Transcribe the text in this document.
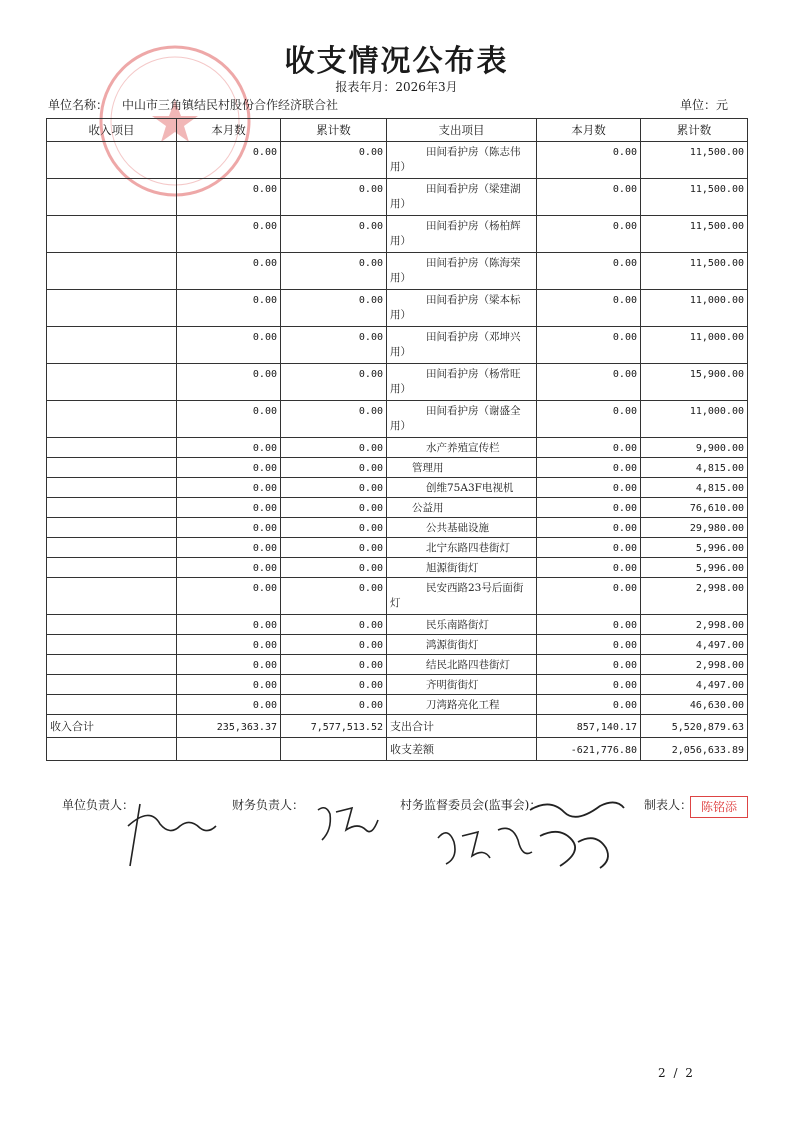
收支情况公布表
报表年月：2026年3月
单位名称： 中山市三角镇结民村股份合作经济联合社	单位：元
收入项目	本月数	累计数	支出项目	本月数	累计数
	0.00	0.00	田间看护房（陈志伟用）	0.00	11,500.00
	0.00	0.00	田间看护房（梁建湖用）	0.00	11,500.00
	0.00	0.00	田间看护房（杨柏辉用）	0.00	11,500.00
	0.00	0.00	田间看护房（陈海荣用）	0.00	11,500.00
	0.00	0.00	田间看护房（梁本标用）	0.00	11,000.00
	0.00	0.00	田间看护房（邓坤兴用）	0.00	11,000.00
	0.00	0.00	田间看护房（杨常旺用）	0.00	15,900.00
	0.00	0.00	田间看护房（谢盛全用）	0.00	11,000.00
	0.00	0.00	水产养殖宣传栏	0.00	9,900.00
	0.00	0.00	管理用	0.00	4,815.00
	0.00	0.00	创维75A3F电视机	0.00	4,815.00
	0.00	0.00	公益用	0.00	76,610.00
	0.00	0.00	公共基础设施	0.00	29,980.00
	0.00	0.00	北宁东路四巷街灯	0.00	5,996.00
	0.00	0.00	旭源街街灯	0.00	5,996.00
	0.00	0.00	民安西路23号后面街灯	0.00	2,998.00
	0.00	0.00	民乐南路街灯	0.00	2,998.00
	0.00	0.00	鸿源街街灯	0.00	4,497.00
	0.00	0.00	结民北路四巷街灯	0.00	2,998.00
	0.00	0.00	齐明街街灯	0.00	4,497.00
	0.00	0.00	刀湾路亮化工程	0.00	46,630.00
收入合计	235,363.37	7,577,513.52	支出合计	857,140.17	5,520,879.63
			收支差额	-621,776.80	2,056,633.89
单位负责人：	财务负责人：	村务监督委员会(监事会)：	制表人： 陈铭添
2 / 2
